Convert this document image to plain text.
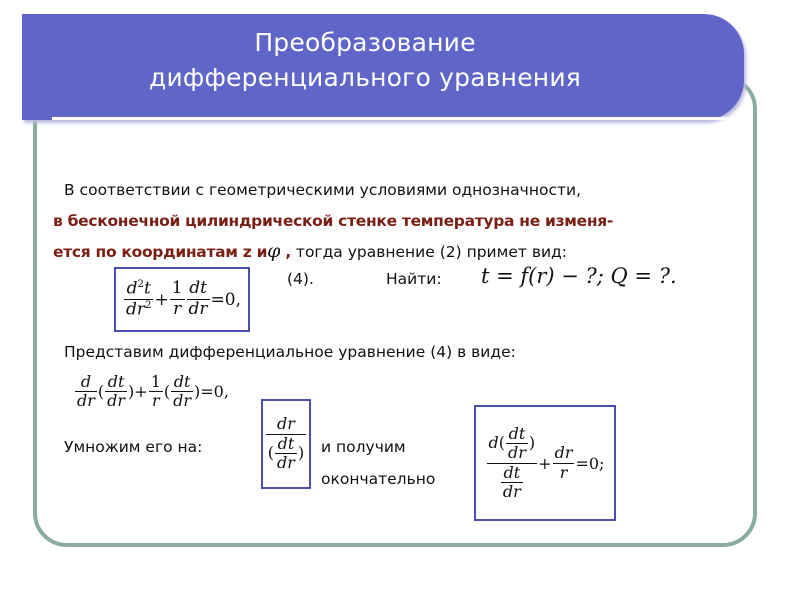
Преобразование
дифференциального уравнения
В соответствии с геометрическими условиями однозначности,
в бесконечной цилиндрической стенке температура не изменя-
ется по координатам z иφ , тогда уравнение (2) примет вид:
$\frac{d^2t}{dr^2} + \frac{1}{r} \frac{dt}{dr} =0$,
(4).	Найти: t = f(r) − ?; Q = ?.
Представим дифференциальное уравнение (4) в виде:
$\frac{d}{dr}$ ( $\frac{dt}{dr}$ )+ $\frac{1}{r}$ ( $\frac{dt}{dr} )=0$,
Умножим его на:	$\frac{dr}{( \frac{dt}{dr} )}$ и получим
окончательно	$\frac{d ( \frac{dt}{dr} )}{\frac{dt}{dr}} + \frac{dr}{r} =0$;
